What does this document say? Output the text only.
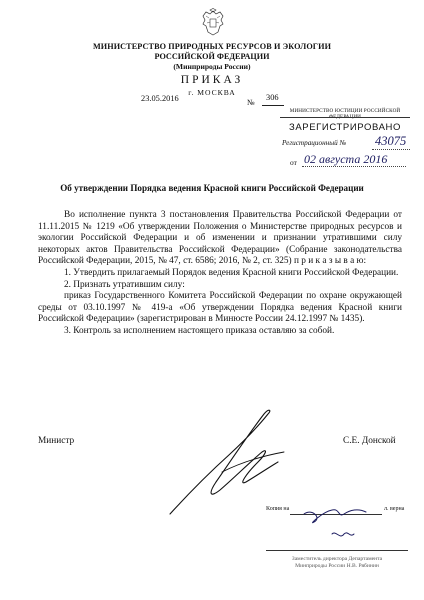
МИНИСТЕРСТВО ПРИРОДНЫХ РЕСУРСОВ И ЭКОЛОГИИ
РОССИЙСКОЙ ФЕДЕРАЦИИ
(Минприроды России)
ПРИКАЗ
г. МОСКВА
23.05.2016	№
306
МИНИСТЕРСТВО ЮСТИЦИИ РОССИЙСКОЙ ФЕДЕРАЦИИ
ЗАРЕГИСТРИРОВАНО
Регистрационный № 43075
от 02 августа 2016
Об утверждении Порядка ведения Красной книги Российской Федерации

Во исполнение пункта 3 постановления Правительства Российской Федерации от 11.11.2015 № 1219 «Об утверждении Положения о Министерстве природных ресурсов и экологии Российской Федерации и об изменении и признании утратившими силу некоторых актов Правительства Российской Федерации» (Собрание законодательства Российской Федерации, 2015, № 47, ст. 6586; 2016, № 2, ст. 325) п р и к а з ы в а ю:

1. Утвердить прилагаемый Порядок ведения Красной книги Российской Федерации.

2. Признать утратившим силу:

приказ Государственного Комитета Российской Федерации по охране окружающей среды от 03.10.1997 № 419-а «Об утверждении Порядка ведения Красной книги Российской Федерации» (зарегистрирован в Минюсте России 24.12.1997 № 1435).

3. Контроль за исполнением настоящего приказа оставляю за собой.

Министр	С.Е. Донской
Копия на	л. верна
Заместитель директора Департамента
Минприроды России Н.В. Рябинин
